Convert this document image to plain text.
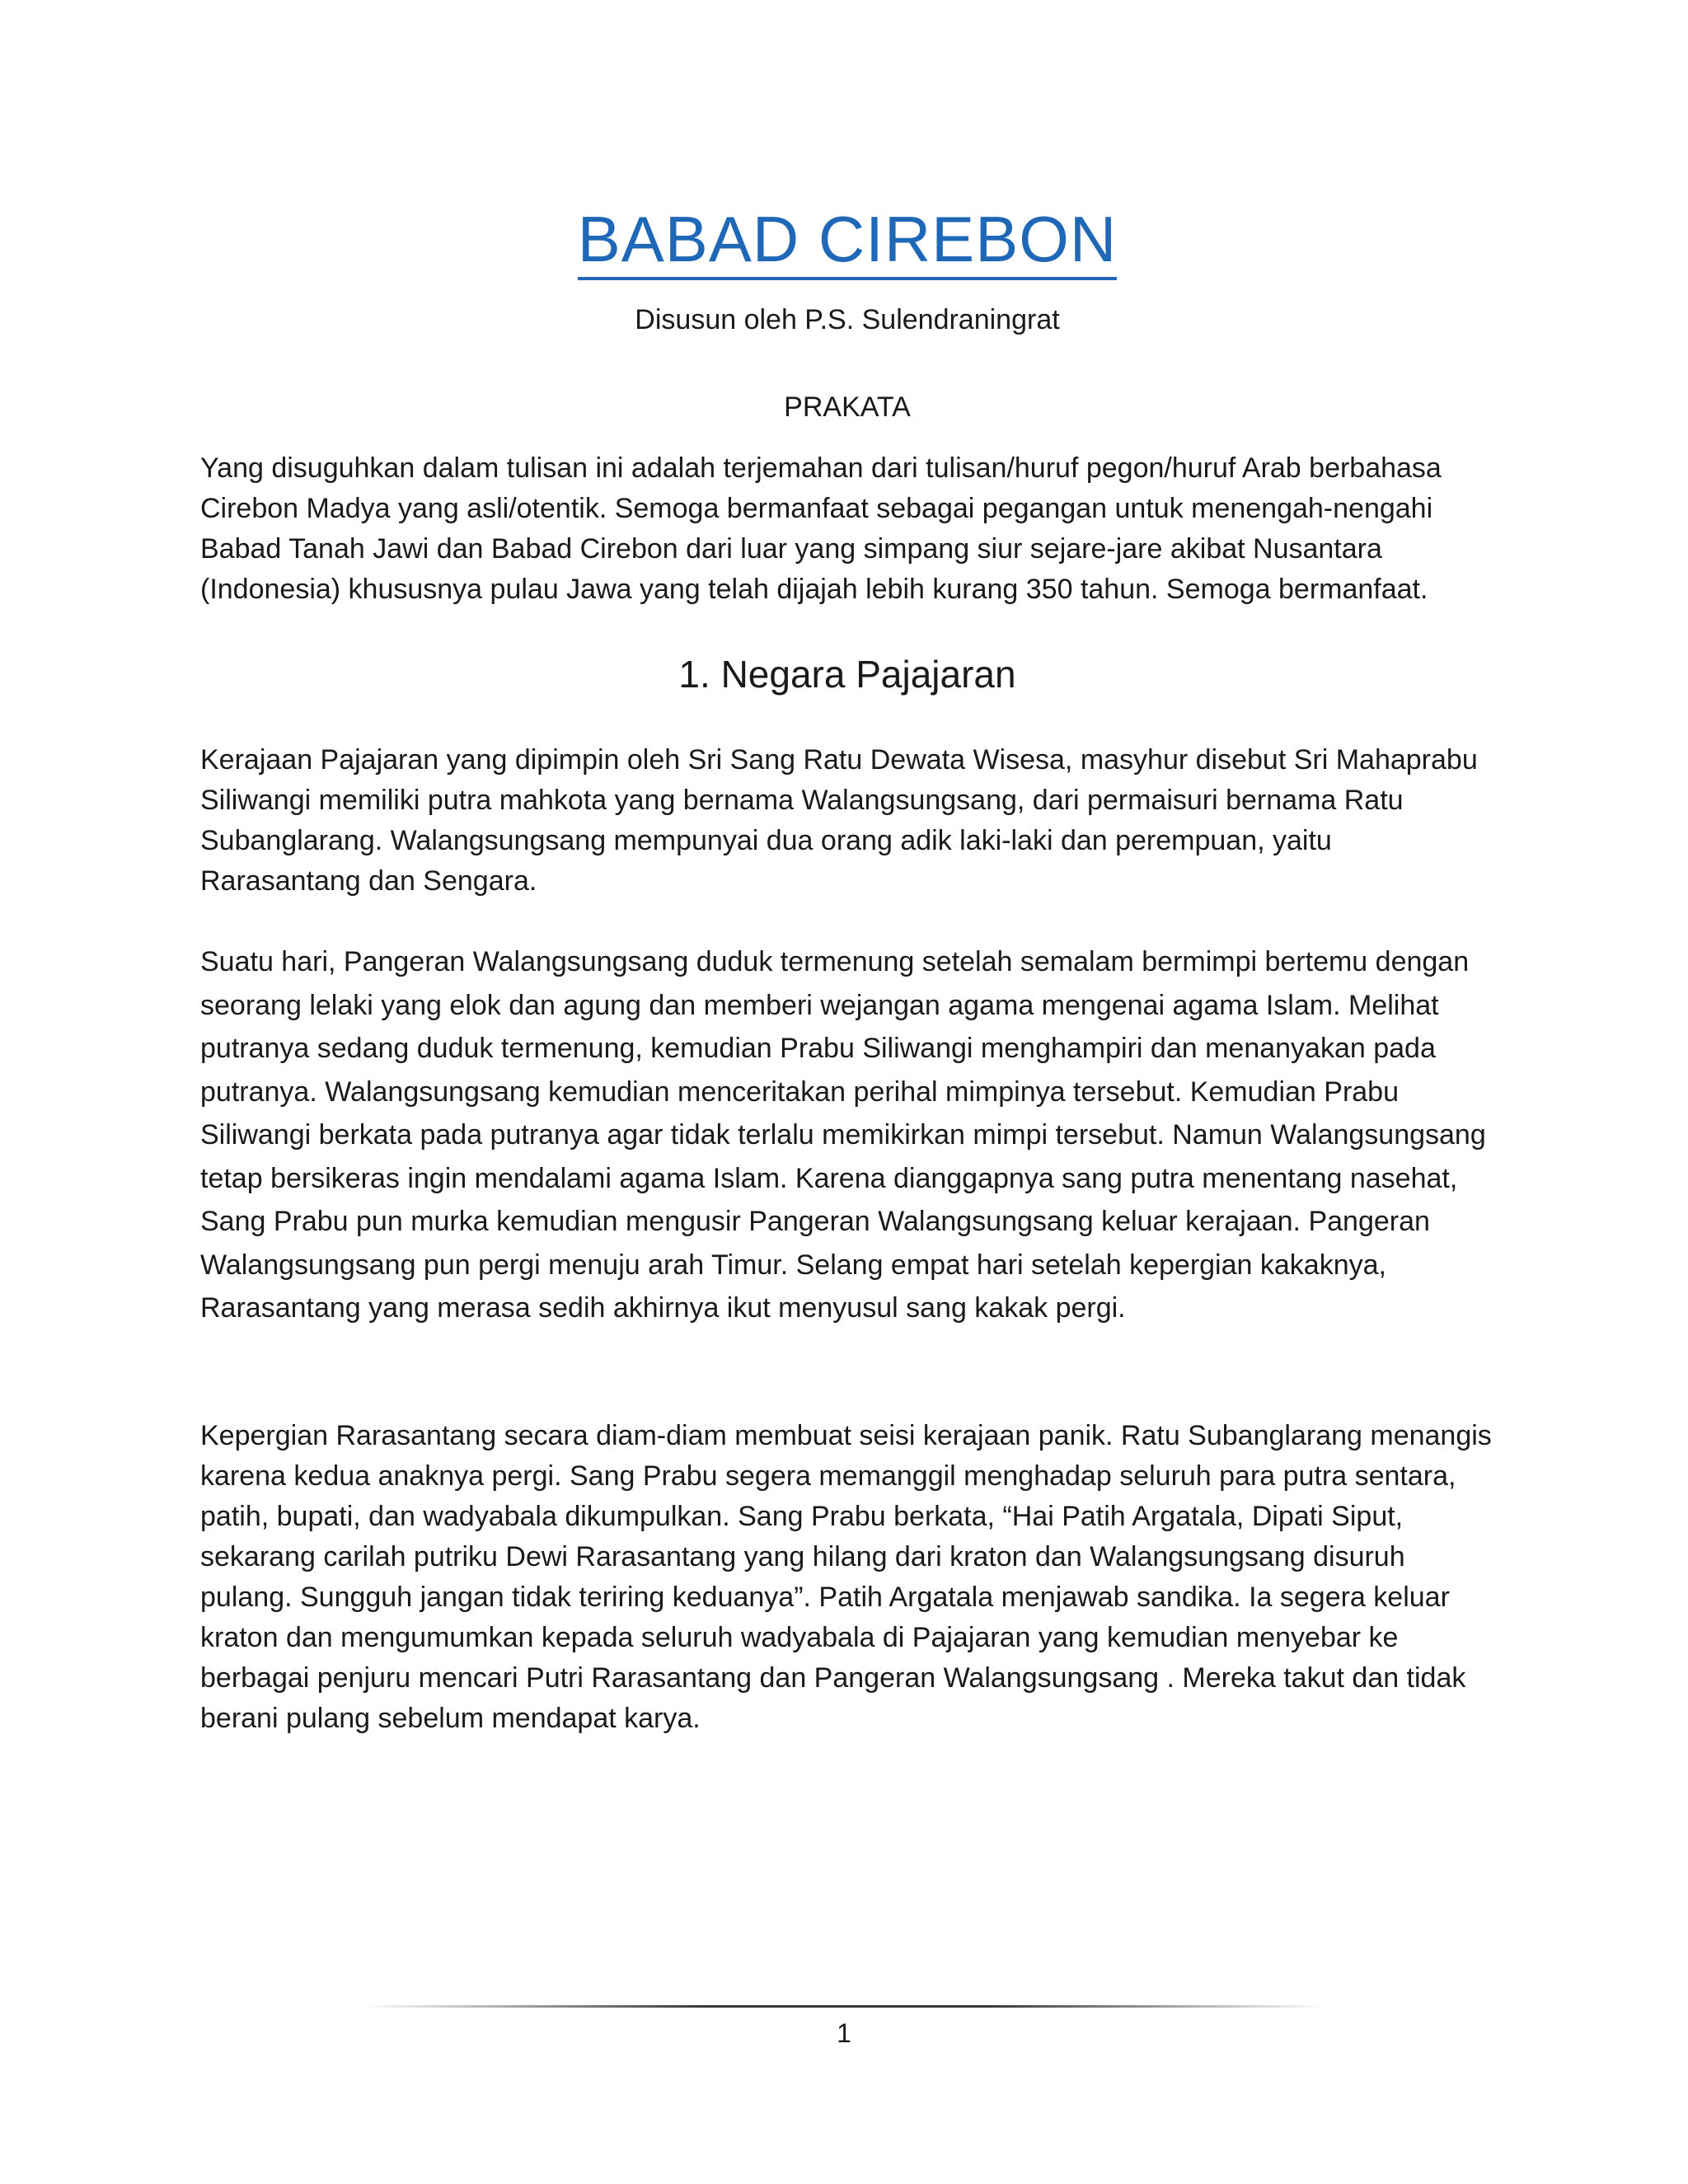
BABAD CIREBON

Disusun oleh P.S. Sulendraningrat

PRAKATA

Yang disuguhkan dalam tulisan ini adalah terjemahan dari tulisan/huruf pegon/huruf Arab berbahasa Cirebon Madya yang asli/otentik. Semoga bermanfaat sebagai pegangan untuk menengah-nengahi Babad Tanah Jawi dan Babad Cirebon dari luar yang simpang siur sejare-jare akibat Nusantara (Indonesia) khususnya pulau Jawa yang telah dijajah lebih kurang 350 tahun. Semoga bermanfaat.

1. Negara Pajajaran

Kerajaan Pajajaran yang dipimpin oleh Sri Sang Ratu Dewata Wisesa, masyhur disebut Sri Mahaprabu Siliwangi memiliki putra mahkota yang bernama Walangsungsang, dari permaisuri bernama Ratu Subanglarang. Walangsungsang mempunyai dua orang adik laki-laki dan perempuan, yaitu Rarasantang dan Sengara.

Suatu hari, Pangeran Walangsungsang duduk termenung setelah semalam bermimpi bertemu dengan seorang lelaki yang elok dan agung dan memberi wejangan agama mengenai agama Islam. Melihat putranya sedang duduk termenung, kemudian Prabu Siliwangi menghampiri dan menanyakan pada putranya. Walangsungsang kemudian menceritakan perihal mimpinya tersebut. Kemudian Prabu Siliwangi berkata pada putranya agar tidak terlalu memikirkan mimpi tersebut. Namun Walangsungsang tetap bersikeras ingin mendalami agama Islam. Karena dianggapnya sang putra menentang nasehat, Sang Prabu pun murka kemudian mengusir Pangeran Walangsungsang keluar kerajaan. Pangeran Walangsungsang pun pergi menuju arah Timur. Selang empat hari setelah kepergian kakaknya, Rarasantang yang merasa sedih akhirnya ikut menyusul sang kakak pergi.

Kepergian Rarasantang secara diam-diam membuat seisi kerajaan panik. Ratu Subanglarang menangis karena kedua anaknya pergi. Sang Prabu segera memanggil menghadap seluruh para putra sentara, patih, bupati, dan wadyabala dikumpulkan. Sang Prabu berkata, “Hai Patih Argatala, Dipati Siput, sekarang carilah putriku Dewi Rarasantang yang hilang dari kraton dan Walangsungsang disuruh pulang. Sungguh jangan tidak teriring keduanya”. Patih Argatala menjawab sandika. Ia segera keluar kraton dan mengumumkan kepada seluruh wadyabala di Pajajaran yang kemudian menyebar ke berbagai penjuru mencari Putri Rarasantang dan Pangeran Walangsungsang . Mereka takut dan tidak berani pulang sebelum mendapat karya.

1
